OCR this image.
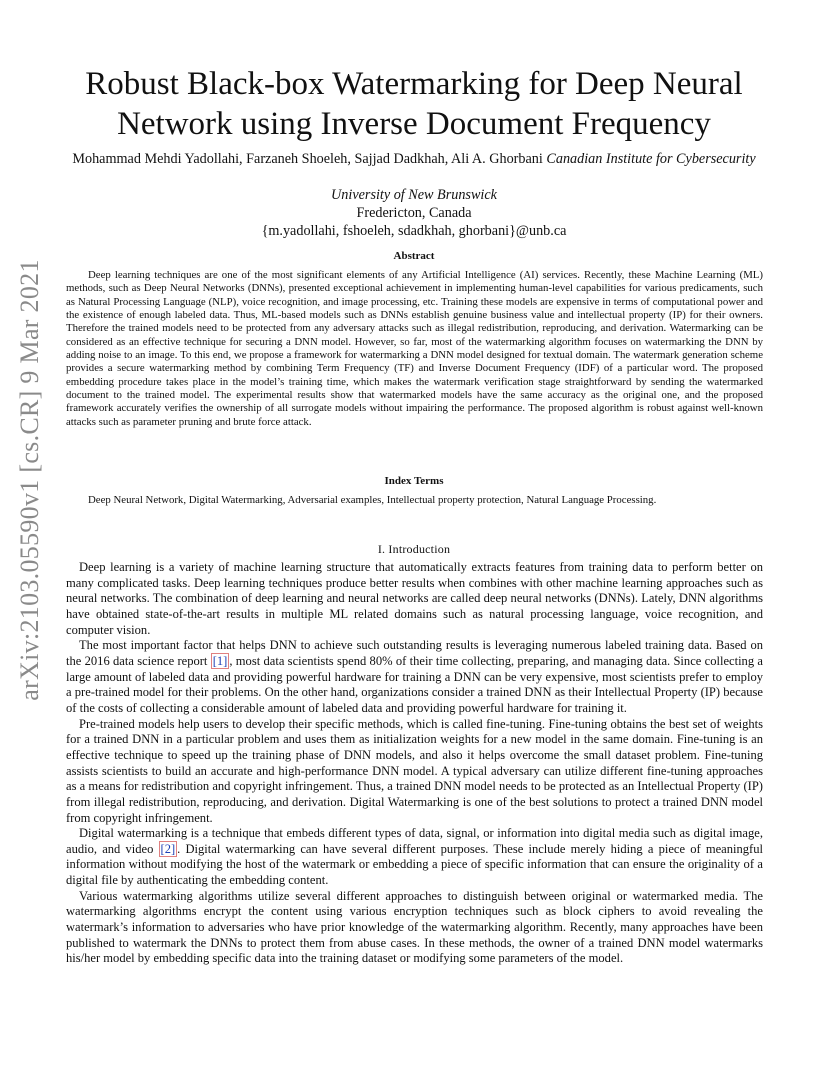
arXiv:2103.05590v1 [cs.CR] 9 Mar 2021
Robust Black-box Watermarking for Deep Neural
Network using Inverse Document Frequency
Mohammad Mehdi Yadollahi, Farzaneh Shoeleh, Sajjad Dadkhah, Ali A. Ghorbani Canadian Institute for Cybersecurity
University of New Brunswick
Fredericton, Canada
{m.yadollahi, fshoeleh, sdadkhah, ghorbani}@unb.ca
Abstract
Deep learning techniques are one of the most significant elements of any Artificial Intelligence (AI) services. Recently, these Machine Learning (ML) methods, such as Deep Neural Networks (DNNs), presented exceptional achievement in implementing human-level capabilities for various predicaments, such as Natural Processing Language (NLP), voice recognition, and image processing, etc. Training these models are expensive in terms of computational power and the existence of enough labeled data. Thus, ML-based models such as DNNs establish genuine business value and intellectual property (IP) for their owners. Therefore the trained models need to be protected from any adversary attacks such as illegal redistribution, reproducing, and derivation. Watermarking can be considered as an effective technique for securing a DNN model. However, so far, most of the watermarking algorithm focuses on watermarking the DNN by adding noise to an image. To this end, we propose a framework for watermarking a DNN model designed for textual domain. The watermark generation scheme provides a secure watermarking method by combining Term Frequency (TF) and Inverse Document Frequency (IDF) of a particular word. The proposed embedding procedure takes place in the model’s training time, which makes the watermark verification stage straightforward by sending the watermarked document to the trained model. The experimental results show that watermarked models have the same accuracy as the original one, and the proposed framework accurately verifies the ownership of all surrogate models without impairing the performance. The proposed algorithm is robust against well-known attacks such as parameter pruning and brute force attack.
Index Terms
Deep Neural Network, Digital Watermarking, Adversarial examples, Intellectual property protection, Natural Language Processing.
I. Introduction

Deep learning is a variety of machine learning structure that automatically extracts features from training data to perform better on many complicated tasks. Deep learning techniques produce better results when combines with other machine learning approaches such as neural networks. The combination of deep learning and neural networks are called deep neural networks (DNNs). Lately, DNN algorithms have obtained state-of-the-art results in multiple ML related domains such as natural processing language, voice recognition, and computer vision.

The most important factor that helps DNN to achieve such outstanding results is leveraging numerous labeled training data. Based on the 2016 data science report [1] , most data scientists spend 80% of their time collecting, preparing, and managing data. Since collecting a large amount of labeled data and providing powerful hardware for training a DNN can be very expensive, most scientists prefer to employ a pre-trained model for their problems. On the other hand, organizations consider a trained DNN as their Intellectual Property (IP) because of the costs of collecting a considerable amount of labeled data and providing powerful hardware for training it.

Pre-trained models help users to develop their specific methods, which is called fine-tuning. Fine-tuning obtains the best set of weights for a trained DNN in a particular problem and uses them as initialization weights for a new model in the same domain. Fine-tuning is an effective technique to speed up the training phase of DNN models, and also it helps overcome the small dataset problem. Fine-tuning assists scientists to build an accurate and high-performance DNN model. A typical adversary can utilize different fine-tuning approaches as a means for redistribution and copyright infringement. Thus, a trained DNN model needs to be protected as an Intellectual Property (IP) from illegal redistribution, reproducing, and derivation. Digital Watermarking is one of the best solutions to protect a trained DNN model from copyright infringement.

Digital watermarking is a technique that embeds different types of data, signal, or information into digital media such as digital image, audio, and video [2] . Digital watermarking can have several different purposes. These include merely hiding a piece of meaningful information without modifying the host of the watermark or embedding a piece of specific information that can ensure the originality of a digital file by authenticating the embedding content.

Various watermarking algorithms utilize several different approaches to distinguish between original or watermarked media. The watermarking algorithms encrypt the content using various encryption techniques such as block ciphers to avoid revealing the watermark’s information to adversaries who have prior knowledge of the watermarking algorithm. Recently, many approaches have been published to watermark the DNNs to protect them from abuse cases. In these methods, the owner of a trained DNN model watermarks his/her model by embedding specific data into the training dataset or modifying some parameters of the model.
